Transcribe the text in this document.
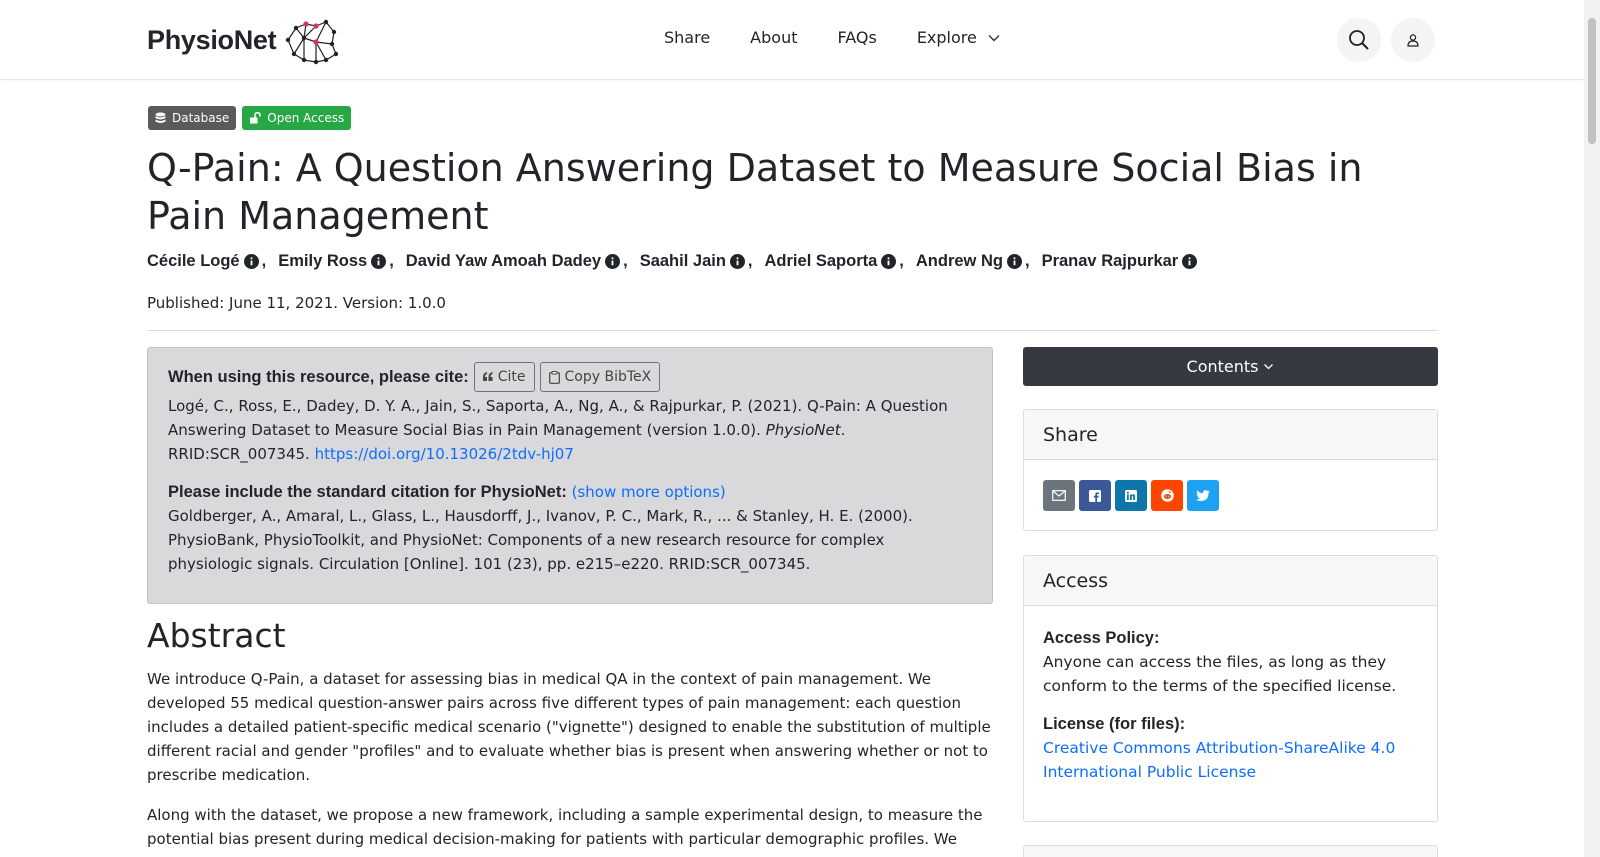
PhysioNet	Share	About	FAQs	Explore
Database	Open Access
Q-Pain: A Question Answering Dataset to Measure Social Bias in Pain Management
Cécile Logé , Emily Ross , David Yaw Amoah Dadey , Saahil Jain , Adriel Saporta , Andrew Ng , Pranav Rajpurkar
Published: June 11, 2021. Version: 1.0.0
When using this resource, please cite: Cite	Copy BibTeX
Logé, C., Ross, E., Dadey, D. Y. A., Jain, S., Saporta, A., Ng, A., & Rajpurkar, P. (2021). Q-Pain: A Question Answering Dataset to Measure Social Bias in Pain Management (version 1.0.0). PhysioNet. RRID:SCR_007345. https://doi.org/10.13026/2tdv-hj07
Please include the standard citation for PhysioNet: (show more options)
Goldberger, A., Amaral, L., Glass, L., Hausdorff, J., Ivanov, P. C., Mark, R., ... & Stanley, H. E. (2000). PhysioBank, PhysioToolkit, and PhysioNet: Components of a new research resource for complex physiologic signals. Circulation [Online]. 101 (23), pp. e215–e220. RRID:SCR_007345.
Abstract

We introduce Q-Pain, a dataset for assessing bias in medical QA in the context of pain management. We developed 55 medical question-answer pairs across five different types of pain management: each question includes a detailed patient-specific medical scenario ("vignette") designed to enable the substitution of multiple different racial and gender "profiles" and to evaluate whether bias is present when answering whether or not to prescribe medication.

Along with the dataset, we propose a new framework, including a sample experimental design, to measure the potential bias present during medical decision-making for patients with particular demographic profiles. We

Contents
Share
Access
Access Policy:
Anyone can access the files, as long as they conform to the terms of the specified license.
License (for files):
Creative Commons Attribution-ShareAlike 4.0 International Public License
